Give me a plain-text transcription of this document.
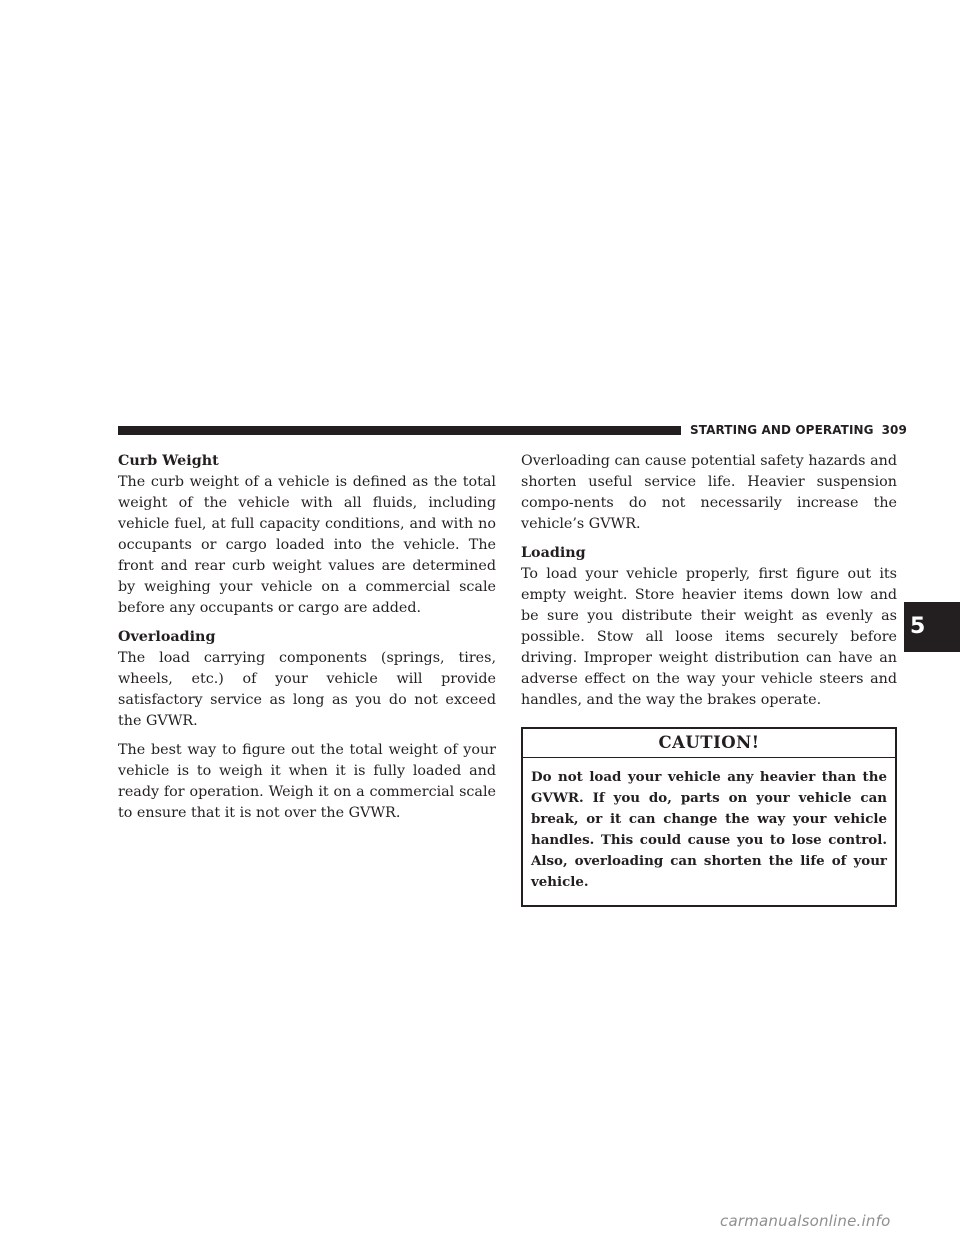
STARTING AND OPERATING 309
Curb Weight

The curb weight of a vehicle is defined as the total weight of the vehicle with all fluids, including vehicle fuel, at full capacity conditions, and with no occupants or cargo loaded into the vehicle. The front and rear curb weight values are determined by weighing your vehicle on a commercial scale before any occupants or cargo are added.

Overloading

The load carrying components (springs, tires, wheels, etc.) of your vehicle will provide satisfactory service as long as you do not exceed the GVWR.

The best way to figure out the total weight of your vehicle is to weigh it when it is fully loaded and ready for operation. Weigh it on a commercial scale to ensure that it is not over the GVWR.

Overloading can cause potential safety hazards and shorten useful service life. Heavier suspension compo-nents do not necessarily increase the vehicle’s GVWR.

Loading

To load your vehicle properly, first figure out its empty weight. Store heavier items down low and be sure you distribute their weight as evenly as possible. Stow all loose items securely before driving. Improper weight distribution can have an adverse effect on the way your vehicle steers and handles, and the way the brakes operate.

CAUTION!
Do not load your vehicle any heavier than the GVWR. If you do, parts on your vehicle can break, or it can change the way your vehicle handles. This could cause you to lose control. Also, overloading can shorten the life of your vehicle.
5
carmanualsonline.info
